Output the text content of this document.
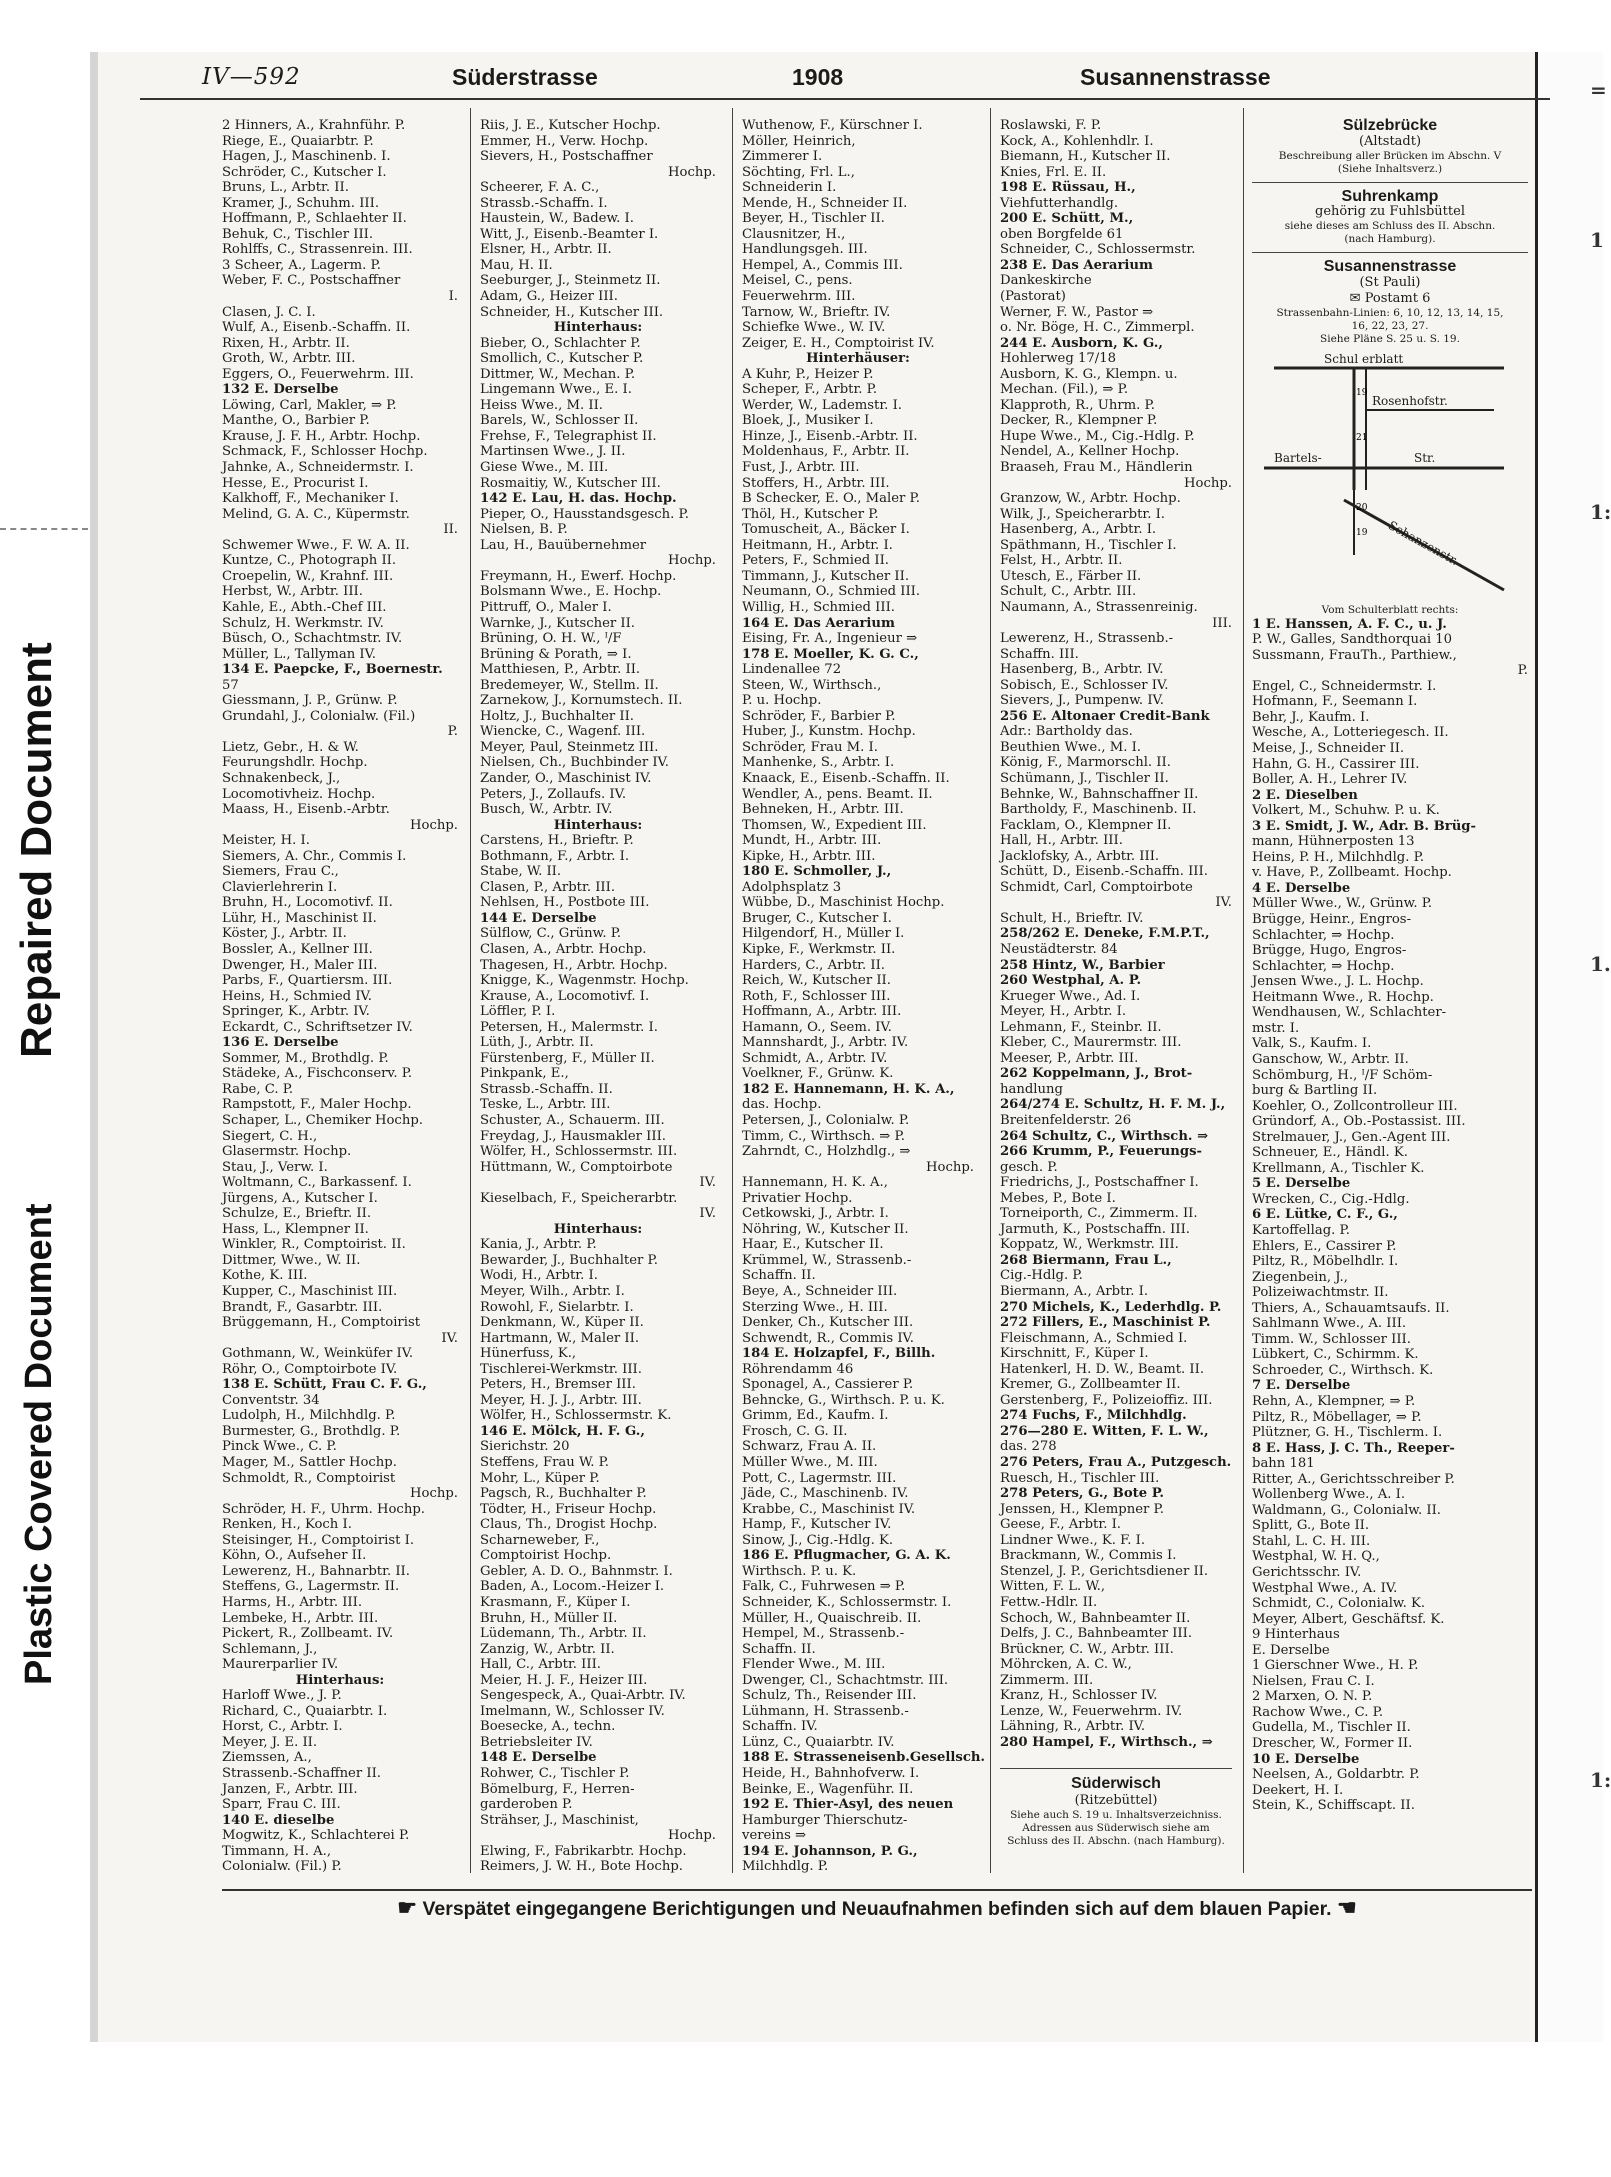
Plastic Covered Document
Repaired Document
=
1
1:
1.
1:
IV—592	Süderstrasse	1908	Susannenstrasse
2 Hinners, A., Krahnführ. P.
Riege, E., Quaiarbtr. P.
Hagen, J., Maschinenb. I.
Schröder, C., Kutscher I.
Bruns, L., Arbtr. II.
Kramer, J., Schuhm. III.
Hoffmann, P., Schlaehter II.
Behuk, C., Tischler III.
Rohlffs, C., Strassenrein. III.
3 Scheer, A., Lagerm. P.
Weber, F. C., Postschaffner
I.
Clasen, J. C. I.
Wulf, A., Eisenb.-Schaffn. II.
Rixen, H., Arbtr. II.
Groth, W., Arbtr. III.
Eggers, O., Feuerwehrm. III.
132 E. Derselbe
Löwing, Carl, Makler, ⇒ P.
Manthe, O., Barbier P.
Krause, J. F. H., Arbtr. Hochp.
Schmack, F., Schlosser Hochp.
Jahnke, A., Schneidermstr. I.
Hesse, E., Procurist I.
Kalkhoff, F., Mechaniker I.
Melind, G. A. C., Küpermstr.
II.
Schwemer Wwe., F. W. A. II.
Kuntze, C., Photograph II.
Croepelin, W., Krahnf. III.
Herbst, W., Arbtr. III.
Kahle, E., Abth.-Chef III.
Schulz, H. Werkmstr. IV.
Büsch, O., Schachtmstr. IV.
Müller, L., Tallyman IV.
134 E. Paepcke, F., Boernestr.
57
Giessmann, J. P., Grünw. P.
Grundahl, J., Colonialw. (Fil.)
P.
Lietz, Gebr., H. & W.
Feurungshdlr. Hochp.
Schnakenbeck, J.,
Locomotivheiz. Hochp.
Maass, H., Eisenb.-Arbtr.
Hochp.
Meister, H. I.
Siemers, A. Chr., Commis I.
Siemers, Frau C.,
Clavierlehrerin I.
Bruhn, H., Locomotivf. II.
Lühr, H., Maschinist II.
Köster, J., Arbtr. II.
Bossler, A., Kellner III.
Dwenger, H., Maler III.
Parbs, F., Quartiersm. III.
Heins, H., Schmied IV.
Springer, K., Arbtr. IV.
Eckardt, C., Schriftsetzer IV.
136 E. Derselbe
Sommer, M., Brothdlg. P.
Städeke, A., Fischconserv. P.
Rabe, C. P.
Rampstott, F., Maler Hochp.
Schaper, L., Chemiker Hochp.
Siegert, C. H.,
Glasermstr. Hochp.
Stau, J., Verw. I.
Woltmann, C., Barkassenf. I.
Jürgens, A., Kutscher I.
Schulze, E., Brieftr. II.
Hass, L., Klempner II.
Winkler, R., Comptoirist. II.
Dittmer, Wwe., W. II.
Kothe, K. III.
Kupper, C., Maschinist III.
Brandt, F., Gasarbtr. III.
Brüggemann, H., Comptoirist
IV.
Gothmann, W., Weinküfer IV.
Röhr, O., Comptoirbote IV.
138 E. Schütt, Frau C. F. G.,
Conventstr. 34
Ludolph, H., Milchhdlg. P.
Burmester, G., Brothdlg. P.
Pinck Wwe., C. P.
Mager, M., Sattler Hochp.
Schmoldt, R., Comptoirist
Hochp.
Schröder, H. F., Uhrm. Hochp.
Renken, H., Koch I.
Steisinger, H., Comptoirist I.
Köhn, O., Aufseher II.
Lewerenz, H., Bahnarbtr. II.
Steffens, G., Lagermstr. II.
Harms, H., Arbtr. III.
Lembeke, H., Arbtr. III.
Pickert, R., Zollbeamt. IV.
Schlemann, J.,
Maurerparlier IV.
Hinterhaus:
Harloff Wwe., J. P.
Richard, C., Quaiarbtr. I.
Horst, C., Arbtr. I.
Meyer, J. E. II.
Ziemssen, A.,
Strassenb.-Schaffner II.
Janzen, F., Arbtr. III.
Sparr, Frau C. III.
140 E. dieselbe
Mogwitz, K., Schlachterei P.
Timmann, H. A.,
Colonialw. (Fil.) P.
Riis, J. E., Kutscher Hochp.
Emmer, H., Verw. Hochp.
Sievers, H., Postschaffner
Hochp.
Scheerer, F. A. C.,
Strassb.-Schaffn. I.
Haustein, W., Badew. I.
Witt, J., Eisenb.-Beamter I.
Elsner, H., Arbtr. II.
Mau, H. II.
Seeburger, J., Steinmetz II.
Adam, G., Heizer III.
Schneider, H., Kutscher III.
Hinterhaus:
Bieber, O., Schlachter P.
Smollich, C., Kutscher P.
Dittmer, W., Mechan. P.
Lingemann Wwe., E. I.
Heiss Wwe., M. II.
Barels, W., Schlosser II.
Frehse, F., Telegraphist II.
Martinsen Wwe., J. II.
Giese Wwe., M. III.
Rosmaitiy, W., Kutscher III.
142 E. Lau, H. das. Hochp.
Pieper, O., Hausstandsgesch. P.
Nielsen, B. P.
Lau, H., Bauübernehmer
Hochp.
Freymann, H., Ewerf. Hochp.
Bolsmann Wwe., E. Hochp.
Pittruff, O., Maler I.
Warnke, J., Kutscher II.
Brüning, O. H. W., ᴵ/F
Brüning & Porath, ⇒ I.
Matthiesen, P., Arbtr. II.
Bredemeyer, W., Stellm. II.
Zarnekow, J., Kornumstech. II.
Holtz, J., Buchhalter II.
Wiencke, C., Wagenf. III.
Meyer, Paul, Steinmetz III.
Nielsen, Ch., Buchbinder IV.
Zander, O., Maschinist IV.
Peters, J., Zollaufs. IV.
Busch, W., Arbtr. IV.
Hinterhaus:
Carstens, H., Brieftr. P.
Bothmann, F., Arbtr. I.
Stabe, W. II.
Clasen, P., Arbtr. III.
Nehlsen, H., Postbote III.
144 E. Derselbe
Sülflow, C., Grünw. P.
Clasen, A., Arbtr. Hochp.
Thagesen, H., Arbtr. Hochp.
Knigge, K., Wagenmstr. Hochp.
Krause, A., Locomotivf. I.
Löffler, P. I.
Petersen, H., Malermstr. I.
Lüth, J., Arbtr. II.
Fürstenberg, F., Müller II.
Pinkpank, E.,
Strassb.-Schaffn. II.
Teske, L., Arbtr. III.
Schuster, A., Schauerm. III.
Freydag, J., Hausmakler III.
Wölfer, H., Schlossermstr. III.
Hüttmann, W., Comptoirbote
IV.
Kieselbach, F., Speicherarbtr.
IV.
Hinterhaus:
Kania, J., Arbtr. P.
Bewarder, J., Buchhalter P.
Wodi, H., Arbtr. I.
Meyer, Wilh., Arbtr. I.
Rowohl, F., Sielarbtr. I.
Denkmann, W., Küper II.
Hartmann, W., Maler II.
Hünerfuss, K.,
Tischlerei-Werkmstr. III.
Peters, H., Bremser III.
Meyer, H. J. J., Arbtr. III.
Wölfer, H., Schlossermstr. K.
146 E. Mölck, H. F. G.,
Sierichstr. 20
Steffens, Frau W. P.
Mohr, L., Küper P.
Pagsch, R., Buchhalter P.
Tödter, H., Friseur Hochp.
Claus, Th., Drogist Hochp.
Scharneweber, F.,
Comptoirist Hochp.
Gebler, A. D. O., Bahnmstr. I.
Baden, A., Locom.-Heizer I.
Krasmann, F., Küper I.
Bruhn, H., Müller II.
Lüdemann, Th., Arbtr. II.
Zanzig, W., Arbtr. II.
Hall, C., Arbtr. III.
Meier, H. J. F., Heizer III.
Sengespeck, A., Quai-Arbtr. IV.
Imelmann, W., Schlosser IV.
Boesecke, A., techn.
Betriebsleiter IV.
148 E. Derselbe
Rohwer, C., Tischler P.
Bömelburg, F., Herren-
garderoben P.
Strähser, J., Maschinist,
Hochp.
Elwing, F., Fabrikarbtr. Hochp.
Reimers, J. W. H., Bote Hochp.
Wuthenow, F., Kürschner I.
Möller, Heinrich,
Zimmerer I.
Söchting, Frl. L.,
Schneiderin I.
Mende, H., Schneider II.
Beyer, H., Tischler II.
Clausnitzer, H.,
Handlungsgeh. III.
Hempel, A., Commis III.
Meisel, C., pens.
Feuerwehrm. III.
Tarnow, W., Brieftr. IV.
Schiefke Wwe., W. IV.
Zeiger, E. H., Comptoirist IV.
Hinterhäuser:
A Kuhr, P., Heizer P.
Scheper, F., Arbtr. P.
Werder, W., Lademstr. I.
Bloek, J., Musiker I.
Hinze, J., Eisenb.-Arbtr. II.
Moldenhaus, F., Arbtr. II.
Fust, J., Arbtr. III.
Stoffers, H., Arbtr. III.
B Schecker, E. O., Maler P.
Thöl, H., Kutscher P.
Tomuscheit, A., Bäcker I.
Heitmann, H., Arbtr. I.
Peters, F., Schmied II.
Timmann, J., Kutscher II.
Neumann, O., Schmied III.
Willig, H., Schmied III.
164 E. Das Aerarium
Eising, Fr. A., Ingenieur ⇒
178 E. Moeller, K. G. C.,
Lindenallee 72
Steen, W., Wirthsch.,
P. u. Hochp.
Schröder, F., Barbier P.
Huber, J., Kunstm. Hochp.
Schröder, Frau M. I.
Manhenke, S., Arbtr. I.
Knaack, E., Eisenb.-Schaffn. II.
Wendler, A., pens. Beamt. II.
Behneken, H., Arbtr. III.
Thomsen, W., Expedient III.
Mundt, H., Arbtr. III.
Kipke, H., Arbtr. III.
180 E. Schmoller, J.,
Adolphsplatz 3
Wübbe, D., Maschinist Hochp.
Bruger, C., Kutscher I.
Hilgendorf, H., Müller I.
Kipke, F., Werkmstr. II.
Harders, C., Arbtr. II.
Reich, W., Kutscher II.
Roth, F., Schlosser III.
Hoffmann, A., Arbtr. III.
Hamann, O., Seem. IV.
Mannshardt, J., Arbtr. IV.
Schmidt, A., Arbtr. IV.
Voelkner, F., Grünw. K.
182 E. Hannemann, H. K. A.,
das. Hochp.
Petersen, J., Colonialw. P.
Timm, C., Wirthsch. ⇒ P.
Zahrndt, C., Holzhdlg., ⇒
Hochp.
Hannemann, H. K. A.,
Privatier Hochp.
Cetkowski, J., Arbtr. I.
Nöhring, W., Kutscher II.
Haar, E., Kutscher II.
Krümmel, W., Strassenb.-
Schaffn. II.
Beye, A., Schneider III.
Sterzing Wwe., H. III.
Denker, Ch., Kutscher III.
Schwendt, R., Commis IV.
184 E. Holzapfel, F., Billh.
Röhrendamm 46
Sponagel, A., Cassierer P.
Behncke, G., Wirthsch. P. u. K.
Grimm, Ed., Kaufm. I.
Frosch, C. G. II.
Schwarz, Frau A. II.
Müller Wwe., M. III.
Pott, C., Lagermstr. III.
Jäde, C., Maschinenb. IV.
Krabbe, C., Maschinist IV.
Hamp, F., Kutscher IV.
Sinow, J., Cig.-Hdlg. K.
186 E. Pflugmacher, G. A. K.
Wirthsch. P. u. K.
Falk, C., Fuhrwesen ⇒ P.
Schneider, K., Schlossermstr. I.
Müller, H., Quaischreib. II.
Hempel, M., Strassenb.-
Schaffn. II.
Flender Wwe., M. III.
Dwenger, Cl., Schachtmstr. III.
Schulz, Th., Reisender III.
Lühmann, H. Strassenb.-
Schaffn. IV.
Lünz, C., Quaiarbtr. IV.
188 E. Strasseneisenb.Gesellsch.
Heide, H., Bahnhofverw. I.
Beinke, E., Wagenführ. II.
192 E. Thier-Asyl, des neuen
Hamburger Thierschutz-
vereins ⇒
194 E. Johannson, P. G.,
Milchhdlg. P.
Roslawski, F. P.
Kock, A., Kohlenhdlr. I.
Biemann, H., Kutscher II.
Knies, Frl. E. II.
198 E. Rüssau, H.,
Viehfutterhandlg.
200 E. Schütt, M.,
oben Borgfelde 61
Schneider, C., Schlossermstr.
238 E. Das Aerarium
Dankeskirche
(Pastorat)
Werner, F. W., Pastor ⇒
o. Nr. Böge, H. C., Zimmerpl.
244 E. Ausborn, K. G.,
Hohlerweg 17/18
Ausborn, K. G., Klempn. u.
Mechan. (Fil.), ⇒ P.
Klapproth, R., Uhrm. P.
Decker, R., Klempner P.
Hupe Wwe., M., Cig.-Hdlg. P.
Nendel, A., Kellner Hochp.
Braaseh, Frau M., Händlerin
Hochp.
Granzow, W., Arbtr. Hochp.
Wilk, J., Speicherarbtr. I.
Hasenberg, A., Arbtr. I.
Späthmann, H., Tischler I.
Felst, H., Arbtr. II.
Utesch, E., Färber II.
Schult, C., Arbtr. III.
Naumann, A., Strassenreinig.
III.
Lewerenz, H., Strassenb.-
Schaffn. III.
Hasenberg, B., Arbtr. IV.
Sobisch, E., Schlosser IV.
Sievers, J., Pumpenw. IV.
256 E. Altonaer Credit-Bank
Adr.: Bartholdy das.
Beuthien Wwe., M. I.
König, F., Marmorschl. II.
Schümann, J., Tischler II.
Behnke, W., Bahnschaffner II.
Bartholdy, F., Maschinenb. II.
Facklam, O., Klempner II.
Hall, H., Arbtr. III.
Jacklofsky, A., Arbtr. III.
Schütt, D., Eisenb.-Schaffn. III.
Schmidt, Carl, Comptoirbote
IV.
Schult, H., Brieftr. IV.
258/262 E. Deneke, F.M.P.T.,
Neustädterstr. 84
258 Hintz, W., Barbier
260 Westphal, A. P.
Krueger Wwe., Ad. I.
Meyer, H., Arbtr. I.
Lehmann, F., Steinbr. II.
Kleber, C., Maurermstr. III.
Meeser, P., Arbtr. III.
262 Koppelmann, J., Brot-
handlung
264/274 E. Schultz, H. F. M. J.,
Breitenfelderstr. 26
264 Schultz, C., Wirthsch. ⇒
266 Krumm, P., Feuerungs-
gesch. P.
Friedrichs, J., Postschaffner I.
Mebes, P., Bote I.
Torneiporth, C., Zimmerm. II.
Jarmuth, K., Postschaffn. III.
Koppatz, W., Werkmstr. III.
268 Biermann, Frau L.,
Cig.-Hdlg. P.
Biermann, A., Arbtr. I.
270 Michels, K., Lederhdlg. P.
272 Fillers, E., Maschinist P.
Fleischmann, A., Schmied I.
Kirschnitt, F., Küper I.
Hatenkerl, H. D. W., Beamt. II.
Kremer, G., Zollbeamter II.
Gerstenberg, F., Polizeioffiz. III.
274 Fuchs, F., Milchhdlg.
276—280 E. Witten, F. L. W.,
das. 278
276 Peters, Frau A., Putzgesch.
Ruesch, H., Tischler III.
278 Peters, G., Bote P.
Jenssen, H., Klempner P.
Geese, F., Arbtr. I.
Lindner Wwe., K. F. I.
Brackmann, W., Commis I.
Stenzel, J. P., Gerichtsdiener II.
Witten, F. L. W.,
Fettw.-Hdlr. II.
Schoch, W., Bahnbeamter II.
Delfs, J. C., Bahnbeamter III.
Brückner, C. W., Arbtr. III.
Möhrcken, A. C. W.,
Zimmerm. III.
Kranz, H., Schlosser IV.
Lenze, W., Feuerwehrm. IV.
Lähning, R., Arbtr. IV.
280 Hampel, F., Wirthsch., ⇒
Sülzebrücke
(Altstadt)
Beschreibung aller Brücken im Abschn. V
(Siehe Inhaltsverz.)
Suhrenkamp
gehörig zu Fuhlsbüttel
siehe dieses am Schluss des II. Abschn.
(nach Hamburg).
Susannenstrasse
(St Pauli)
✉ Postamt 6
Strassenbahn-Linien: 6, 10, 12, 13, 14, 15,
16, 22, 23, 27.
Siehe Pläne S. 25 u. S. 19.
19
21
20
19
Schul erblatt
Rosenhofstr.
Bartels-	Str.
Schanzenstr.
Vom Schulterblatt rechts:
1 E. Hanssen, A. F. C., u. J.
P. W., Galles, Sandthorquai 10
Sussmann, FrauTh., Parthiew.,
P.
Engel, C., Schneidermstr. I.
Hofmann, F., Seemann I.
Behr, J., Kaufm. I.
Wesche, A., Lotteriegesch. II.
Meise, J., Schneider II.
Hahn, G. H., Cassirer III.
Boller, A. H., Lehrer IV.
2 E. Dieselben
Volkert, M., Schuhw. P. u. K.
3 E. Smidt, J. W., Adr. B. Brüg-
mann, Hühnerposten 13
Heins, P. H., Milchhdlg. P.
v. Have, P., Zollbeamt. Hochp.
4 E. Derselbe
Müller Wwe., W., Grünw. P.
Brügge, Heinr., Engros-
Schlachter, ⇒ Hochp.
Brügge, Hugo, Engros-
Schlachter, ⇒ Hochp.
Jensen Wwe., J. L. Hochp.
Heitmann Wwe., R. Hochp.
Wendhausen, W., Schlachter-
mstr. I.
Valk, S., Kaufm. I.
Ganschow, W., Arbtr. II.
Schömburg, H., ᴵ/F Schöm-
burg & Bartling II.
Koehler, O., Zollcontrolleur III.
Gründorf, A., Ob.-Postassist. III.
Strelmauer, J., Gen.-Agent III.
Schneuer, E., Händl. K.
Krellmann, A., Tischler K.
5 E. Derselbe
Wrecken, C., Cig.-Hdlg.
6 E. Lütke, C. F., G.,
Kartoffellag. P.
Ehlers, E., Cassirer P.
Piltz, R., Möbelhdlr. I.
Ziegenbein, J.,
Polizeiwachtmstr. II.
Thiers, A., Schauamtsaufs. II.
Sahlmann Wwe., A. III.
Timm. W., Schlosser III.
Lübkert, C., Schirmm. K.
Schroeder, C., Wirthsch. K.
7 E. Derselbe
Rehn, A., Klempner, ⇒ P.
Piltz, R., Möbellager, ⇒ P.
Plützner, G. H., Tischlerm. I.
8 E. Hass, J. C. Th., Reeper-
bahn 181
Ritter, A., Gerichtsschreiber P.
Wollenberg Wwe., A. I.
Waldmann, G., Colonialw. II.
Splitt, G., Bote II.
Stahl, L. C. H. III.
Westphal, W. H. Q.,
Gerichtsschr. IV.
Westphal Wwe., A. IV.
Schmidt, C., Colonialw. K.
Meyer, Albert, Geschäftsf. K.
9 Hinterhaus
E. Derselbe
1 Gierschner Wwe., H. P.
Nielsen, Frau C. I.
2 Marxen, O. N. P.
Rachow Wwe., C. P.
Gudella, M., Tischler II.
Drescher, W., Former II.
10 E. Derselbe
Neelsen, A., Goldarbtr. P.
Deekert, H. I.
Stein, K., Schiffscapt. II.
Süderwisch
(Ritzebüttel)
Siehe auch S. 19 u. Inhaltsverzeichniss.
Adressen aus Süderwisch siehe am
Schluss des II. Abschn. (nach Hamburg).
☛ Verspätet eingegangene Berichtigungen und Neuaufnahmen befinden sich auf dem blauen Papier. ☛
